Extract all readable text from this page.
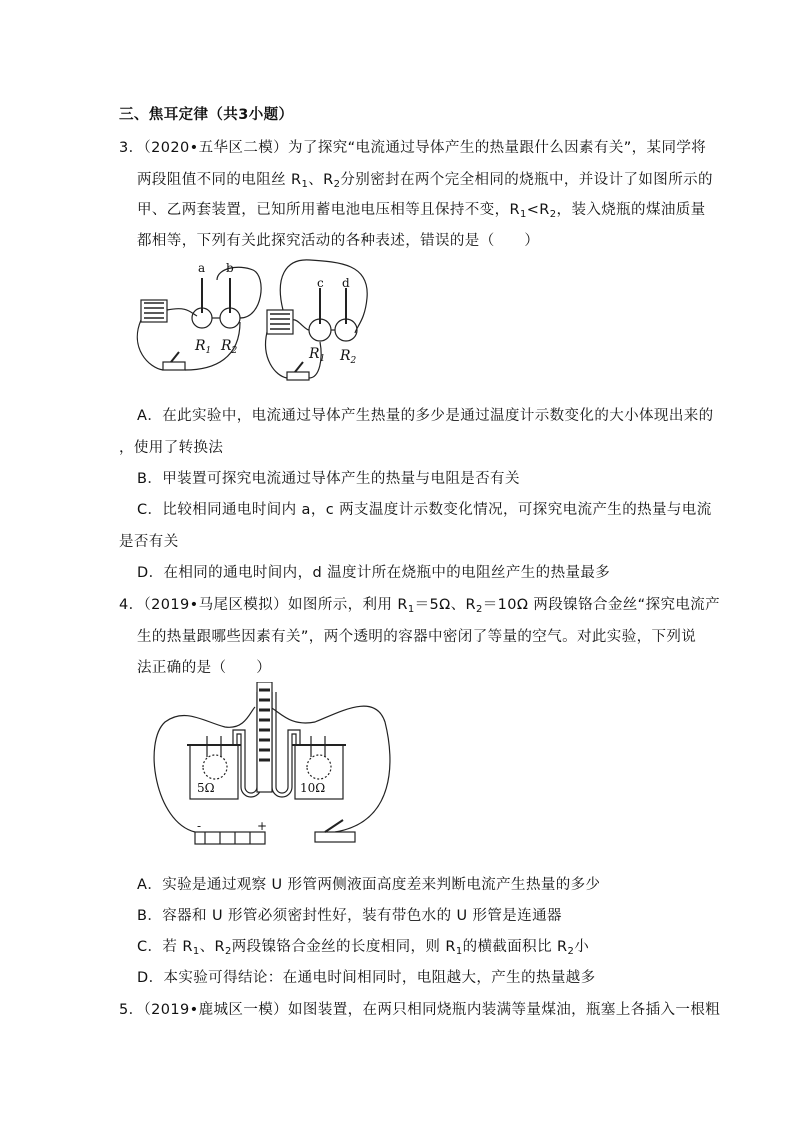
三、焦耳定律（共3小题）
3．（2020•五华区二模）为了探究“电流通过导体产生的热量跟什么因素有关”，某同学将
两段阻值不同的电阻丝 $R_1$、$R_2$分别密封在两个完全相同的烧瓶中，并设计了如图所示的
甲、乙两套装置，已知所用蓄电池电压相等且保持不变，$R_1<R_2$，装入烧瓶的煤油质量
都相等，下列有关此探究活动的各种表述，错误的是（　　）
a b
$R_1$ $R_2$
c d
$R_1$ $R_2$
A．在此实验中，电流通过导体产生热量的多少是通过温度计示数变化的大小体现出来的
，使用了转换法
B．甲装置可探究电流通过导体产生的热量与电阻是否有关
C．比较相同通电时间内 a，c 两支温度计示数变化情况，可探究电流产生的热量与电流
是否有关
D．在相同的通电时间内，d 温度计所在烧瓶中的电阻丝产生的热量最多
4．（2019•马尾区模拟）如图所示，利用 $R_1=5\Omega$、$R_2=10\Omega$ 两段镍铬合金丝“探究电流产
生的热量跟哪些因素有关”，两个透明的容器中密闭了等量的空气。对此实验，下列说
法正确的是（　　）
5Ω	10Ω
-	+
A．实验是通过观察 U 形管两侧液面高度差来判断电流产生热量的多少
B．容器和 U 形管必须密封性好，装有带色水的 U 形管是连通器
C．若 $R_1$、$R_2$两段镍铬合金丝的长度相同，则 $R_1$的横截面积比 $R_2$小
D．本实验可得结论：在通电时间相同时，电阻越大，产生的热量越多
5．（2019•鹿城区一模）如图装置，在两只相同烧瓶内装满等量煤油，瓶塞上各插入一根粗
